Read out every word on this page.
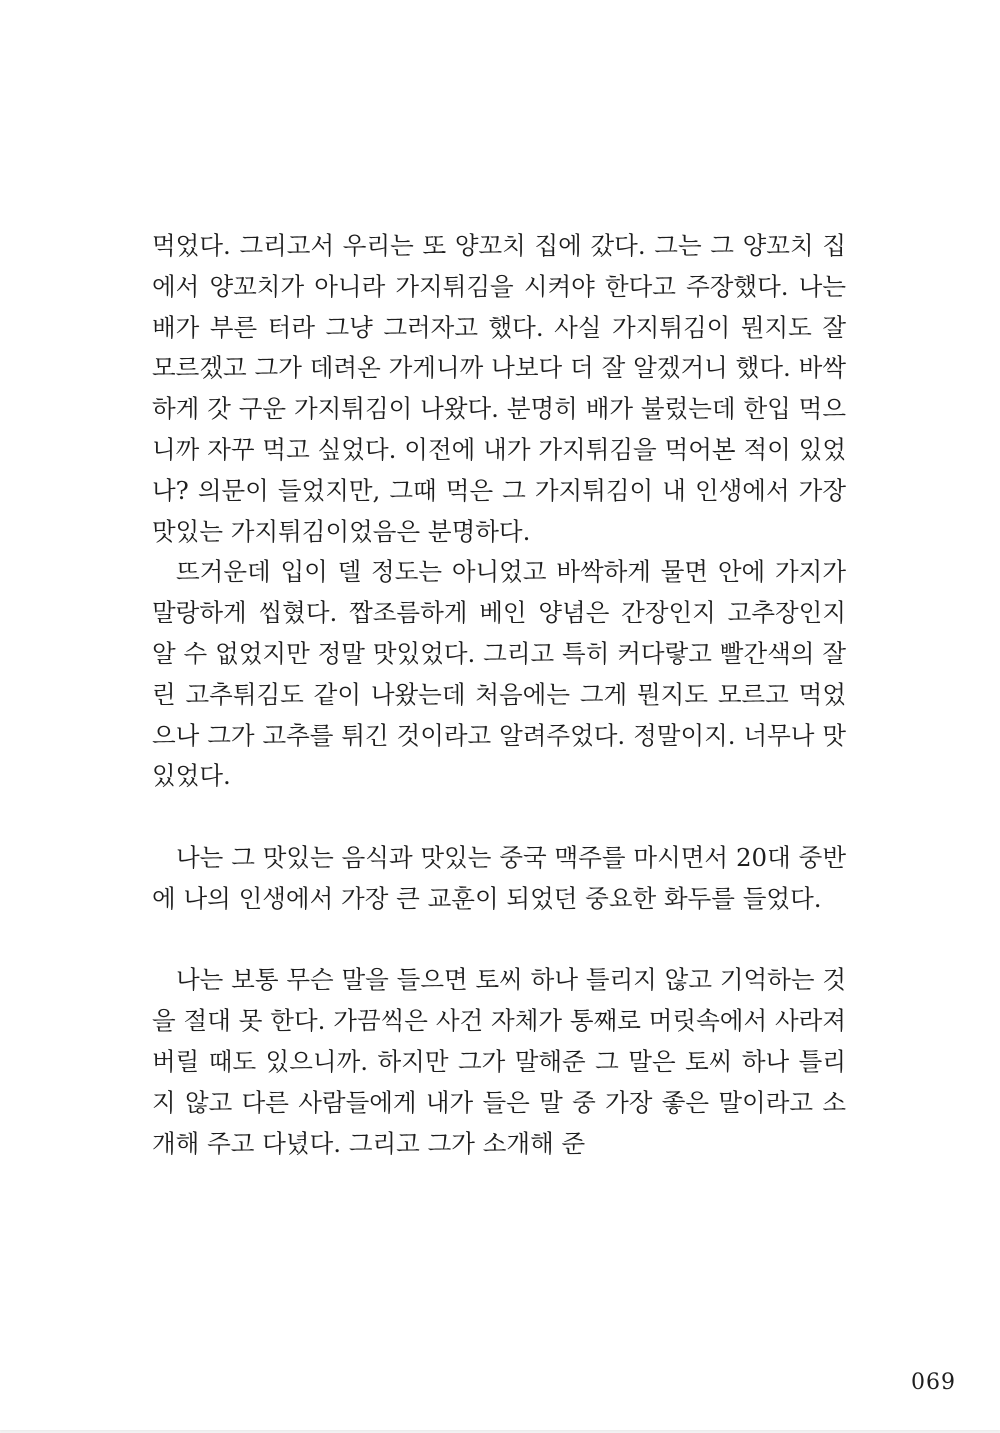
먹었다. 그리고서 우리는 또 양꼬치 집에 갔다. 그는 그 양꼬치 집에서 양꼬치가 아니라 가지튀김을 시켜야 한다고 주장했다. 나는 배가 부른 터라 그냥 그러자고 했다. 사실 가지튀김이 뭔지도 잘 모르겠고 그가 데려온 가게니까 나보다 더 잘 알겠거니 했다. 바싹하게 갓 구운 가지튀김이 나왔다. 분명히 배가 불렀는데 한입 먹으니까 자꾸 먹고 싶었다. 이전에 내가 가지튀김을 먹어본 적이 있었나? 의문이 들었지만, 그때 먹은 그 가지튀김이 내 인생에서 가장 맛있는 가지튀김이었음은 분명하다.

뜨거운데 입이 델 정도는 아니었고 바싹하게 물면 안에 가지가 말랑하게 씹혔다. 짭조름하게 베인 양념은 간장인지 고추장인지 알 수 없었지만 정말 맛있었다. 그리고 특히 커다랗고 빨간색의 잘린 고추튀김도 같이 나왔는데 처음에는 그게 뭔지도 모르고 먹었으나 그가 고추를 튀긴 것이라고 알려주었다. 정말이지. 너무나 맛있었다.

나는 그 맛있는 음식과 맛있는 중국 맥주를 마시면서 20대 중반에 나의 인생에서 가장 큰 교훈이 되었던 중요한 화두를 들었다.

나는 보통 무슨 말을 들으면 토씨 하나 틀리지 않고 기억하는 것을 절대 못 한다. 가끔씩은 사건 자체가 통째로 머릿속에서 사라져 버릴 때도 있으니까. 하지만 그가 말해준 그 말은 토씨 하나 틀리지 않고 다른 사람들에게 내가 들은 말 중 가장 좋은 말이라고 소개해 주고 다녔다. 그리고 그가 소개해 준

069
